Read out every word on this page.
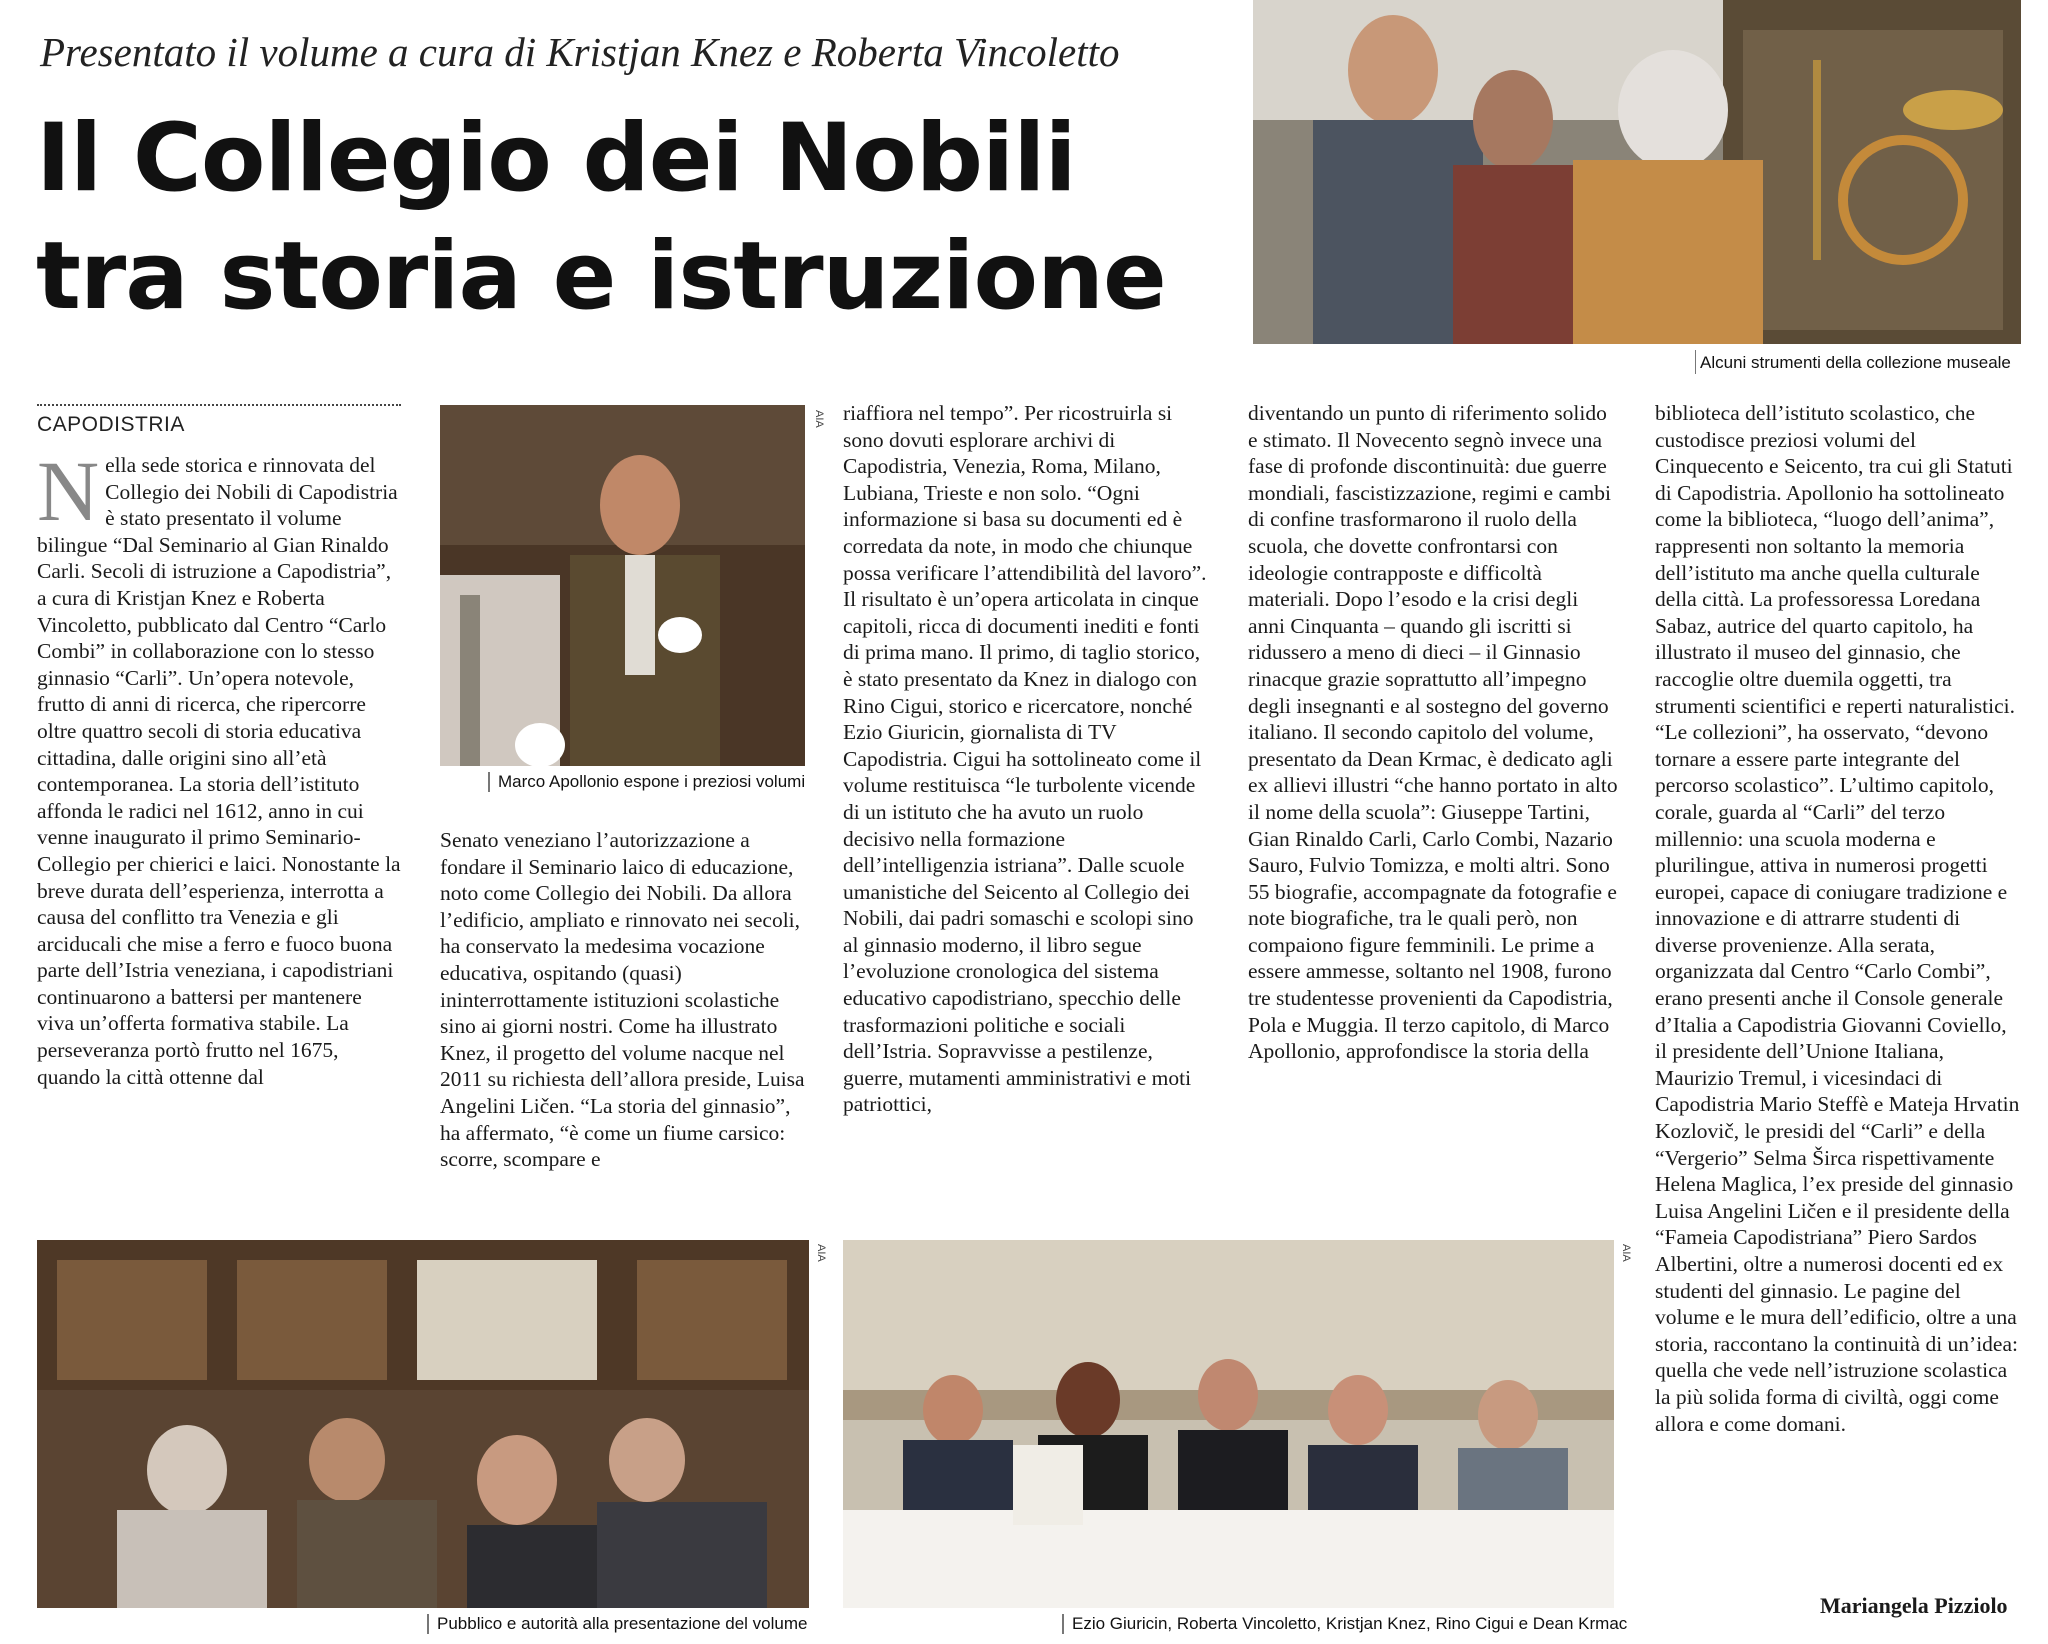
Presentato il volume a cura di Kristjan Knez e Roberta Vincoletto
Il Collegio dei Nobili
tra storia e istruzione
Alcuni strumenti della collezione museale
CAPODISTRIA
N ella sede storica e rinnovata del Collegio dei Nobili di Capodistria è stato presentato il volume bilingue “Dal Seminario al Gian Rinaldo Carli. Secoli di istruzione a Capodistria”, a cura di Kristjan Knez e Roberta Vincoletto, pubblicato dal Centro “Carlo Combi” in collaborazione con lo stesso ginnasio “Carli”. Un’opera notevole, frutto di anni di ricerca, che ripercorre oltre quattro secoli di storia educativa cittadina, dalle origini sino all’età contemporanea. La storia dell’istituto affonda le radici nel 1612, anno in cui venne inaugurato il primo Seminario-Collegio per chierici e laici. Nonostante la breve durata dell’esperienza, interrotta a causa del conflitto tra Venezia e gli arciducali che mise a ferro e fuoco buona parte dell’Istria veneziana, i capodistriani continuarono a battersi per mantenere viva un’offerta formativa stabile. La perseveranza portò frutto nel 1675, quando la città ottenne dal

AIA
Marco Apollonio espone i preziosi volumi

Senato veneziano l’autorizzazione a fondare il Seminario laico di educazione, noto come Collegio dei Nobili. Da allora l’edificio, ampliato e rinnovato nei secoli, ha conservato la medesima vocazione educativa, ospitando (quasi) ininterrottamente istituzioni scolastiche sino ai giorni nostri. Come ha illustrato Knez, il progetto del volume nacque nel 2011 su richiesta dell’allora preside, Luisa Angelini Ličen. “La storia del ginnasio”, ha affermato, “è come un fiume carsico: scorre, scompare e

riaffiora nel tempo”. Per ricostruirla si sono dovuti esplorare archivi di Capodistria, Venezia, Roma, Milano, Lubiana, Trieste e non solo. “Ogni informazione si basa su documenti ed è corredata da note, in modo che chiunque possa verificare l’attendibilità del lavoro”. Il risultato è un’opera articolata in cinque capitoli, ricca di documenti inediti e fonti di prima mano. Il primo, di taglio storico, è stato presentato da Knez in dialogo con Rino Cigui, storico e ricercatore, nonché Ezio Giuricin, giornalista di TV Capodistria. Cigui ha sottolineato come il volume restituisca “le turbolente vicende di un istituto che ha avuto un ruolo decisivo nella formazione dell’intelligenzia istriana”. Dalle scuole umanistiche del Seicento al Collegio dei Nobili, dai padri somaschi e scolopi sino al ginnasio moderno, il libro segue l’evoluzione cronologica del sistema educativo capodistriano, specchio delle trasformazioni politiche e sociali dell’Istria. Sopravvisse a pestilenze, guerre, mutamenti amministrativi e moti patriottici,

diventando un punto di riferimento solido e stimato. Il Novecento segnò invece una fase di profonde discontinuità: due guerre mondiali, fascistizzazione, regimi e cambi di confine trasformarono il ruolo della scuola, che dovette confrontarsi con ideologie contrapposte e difficoltà materiali. Dopo l’esodo e la crisi degli anni Cinquanta – quando gli iscritti si ridussero a meno di dieci – il Ginnasio rinacque grazie soprattutto all’impegno degli insegnanti e al sostegno del governo italiano. Il secondo capitolo del volume, presentato da Dean Krmac, è dedicato agli ex allievi illustri “che hanno portato in alto il nome della scuola”: Giuseppe Tartini, Gian Rinaldo Carli, Carlo Combi, Nazario Sauro, Fulvio Tomizza, e molti altri. Sono 55 biografie, accompagnate da fotografie e note biografiche, tra le quali però, non compaiono figure femminili. Le prime a essere ammesse, soltanto nel 1908, furono tre studentesse provenienti da Capodistria, Pola e Muggia. Il terzo capitolo, di Marco Apollonio, approfondisce la storia della

biblioteca dell’istituto scolastico, che custodisce preziosi volumi del Cinquecento e Seicento, tra cui gli Statuti di Capodistria. Apollonio ha sottolineato come la biblioteca, “luogo dell’anima”, rappresenti non soltanto la memoria dell’istituto ma anche quella culturale della città. La professoressa Loredana Sabaz, autrice del quarto capitolo, ha illustrato il museo del ginnasio, che raccoglie oltre duemila oggetti, tra strumenti scientifici e reperti naturalistici. “Le collezioni”, ha osservato, “devono tornare a essere parte integrante del percorso scolastico”. L’ultimo capitolo, corale, guarda al “Carli” del terzo millennio: una scuola moderna e plurilingue, attiva in numerosi progetti europei, capace di coniugare tradizione e innovazione e di attrarre studenti di diverse provenienze. Alla serata, organizzata dal Centro “Carlo Combi”, erano presenti anche il Console generale d’Italia a Capodistria Giovanni Coviello, il presidente dell’Unione Italiana, Maurizio Tremul, i vicesindaci di Capodistria Mario Steffè e Mateja Hrvatin Kozlovič, le presidi del “Carli” e della “Vergerio” Selma Širca rispettivamente Helena Maglica, l’ex preside del ginnasio Luisa Angelini Ličen e il presidente della “Fameia Capodistriana” Piero Sardos Albertini, oltre a numerosi docenti ed ex studenti del ginnasio. Le pagine del volume e le mura dell’edificio, oltre a una storia, raccontano la continuità di un’idea: quella che vede nell’istruzione scolastica la più solida forma di civiltà, oggi come allora e come domani.

Mariangela Pizziolo
AIA
Pubblico e autorità alla presentazione del volume
AIA
Ezio Giuricin, Roberta Vincoletto, Kristjan Knez, Rino Cigui e Dean Krmac
